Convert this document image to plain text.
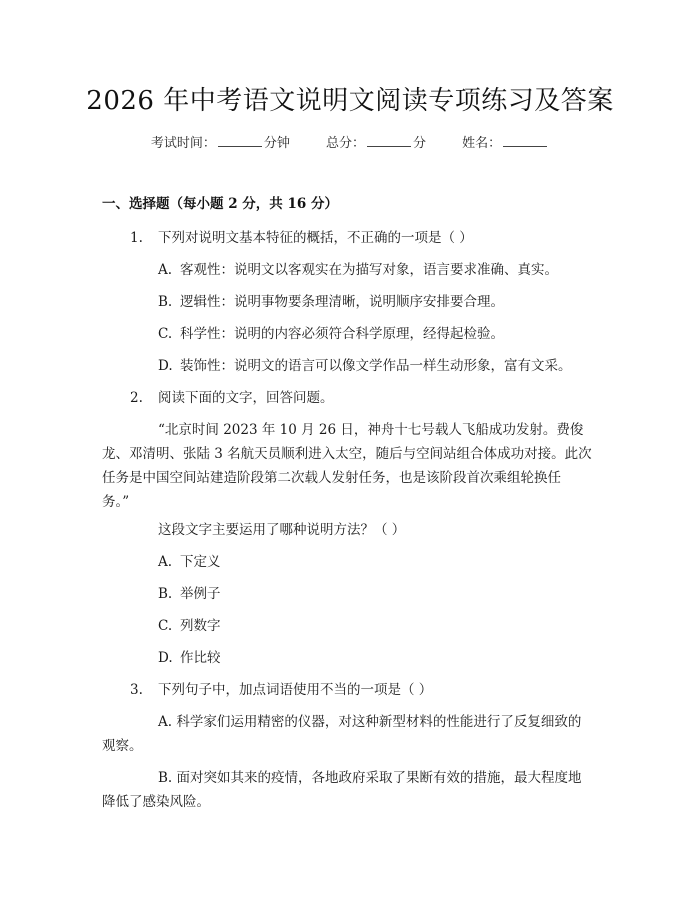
2026 年中考语文说明文阅读专项练习及答案
考试时间：	分钟	总分：	分	姓名：
一、选择题（每小题 2 分，共 16 分）
1. 下列对说明文基本特征的概括，不正确的一项是（ ）
A. 客观性：说明文以客观实在为描写对象，语言要求准确、真实。
B. 逻辑性：说明事物要条理清晰，说明顺序安排要合理。
C. 科学性：说明的内容必须符合科学原理，经得起检验。
D. 装饰性：说明文的语言可以像文学作品一样生动形象，富有文采。
2. 阅读下面的文字，回答问题。
“北京时间 2023 年 10 月 26 日，神舟十七号载人飞船成功发射。费俊
龙、邓清明、张陆 3 名航天员顺利进入太空，随后与空间站组合体成功对接。此次
任务是中国空间站建造阶段第二次载人发射任务，也是该阶段首次乘组轮换任
务。”
这段文字主要运用了哪种说明方法？（ ）
A. 下定义
B. 举例子
C. 列数字
D. 作比较
3. 下列句子中，加点词语使用不当的一项是（ ）
A. 科学家们运用精密的仪器，对这种新型材料的性能进行了反复细致的
观察。
B. 面对突如其来的疫情，各地政府采取了果断有效的措施，最大程度地
降低了感染风险。
